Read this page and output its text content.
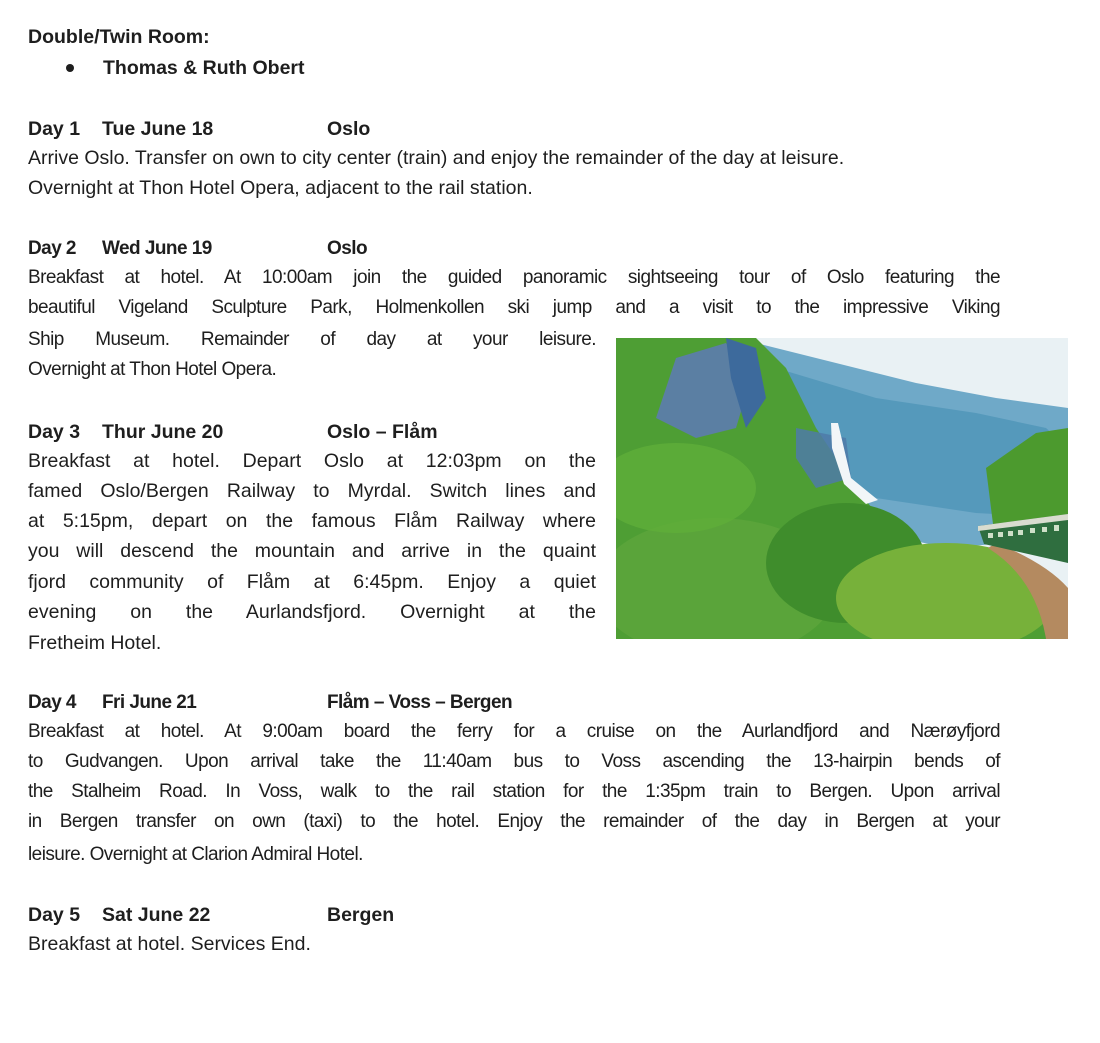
Double/Twin Room:
Thomas & Ruth Obert
Day 1 Tue June 18	Oslo
Arrive Oslo. Transfer on own to city center (train) and enjoy the remainder of the day at leisure.
Overnight at Thon Hotel Opera, adjacent to the rail station.
Day 2 Wed June 19	Oslo
Breakfast at hotel. At 10:00am join the guided panoramic sightseeing tour of Oslo featuring the
beautiful Vigeland Sculpture Park, Holmenkollen ski jump and a visit to the impressive Viking
Ship Museum. Remainder of day at your leisure.
Overnight at Thon Hotel Opera.
Day 3 Thur June 20	Oslo – Flåm
Breakfast at hotel. Depart Oslo at 12:03pm on the
famed Oslo/Bergen Railway to Myrdal. Switch lines and
at 5:15pm, depart on the famous Flåm Railway where
you will descend the mountain and arrive in the quaint
fjord community of Flåm at 6:45pm. Enjoy a quiet
evening on the Aurlandsfjord. Overnight at the
Fretheim Hotel.
Day 4 Fri June 21	Flåm – Voss – Bergen
Breakfast at hotel. At 9:00am board the ferry for a cruise on the Aurlandfjord and Nærøyfjord
to Gudvangen. Upon arrival take the 11:40am bus to Voss ascending the 13-hairpin bends of
the Stalheim Road. In Voss, walk to the rail station for the 1:35pm train to Bergen. Upon arrival
in Bergen transfer on own (taxi) to the hotel. Enjoy the remainder of the day in Bergen at your
leisure. Overnight at Clarion Admiral Hotel.
Day 5 Sat June 22	Bergen
Breakfast at hotel. Services End.
